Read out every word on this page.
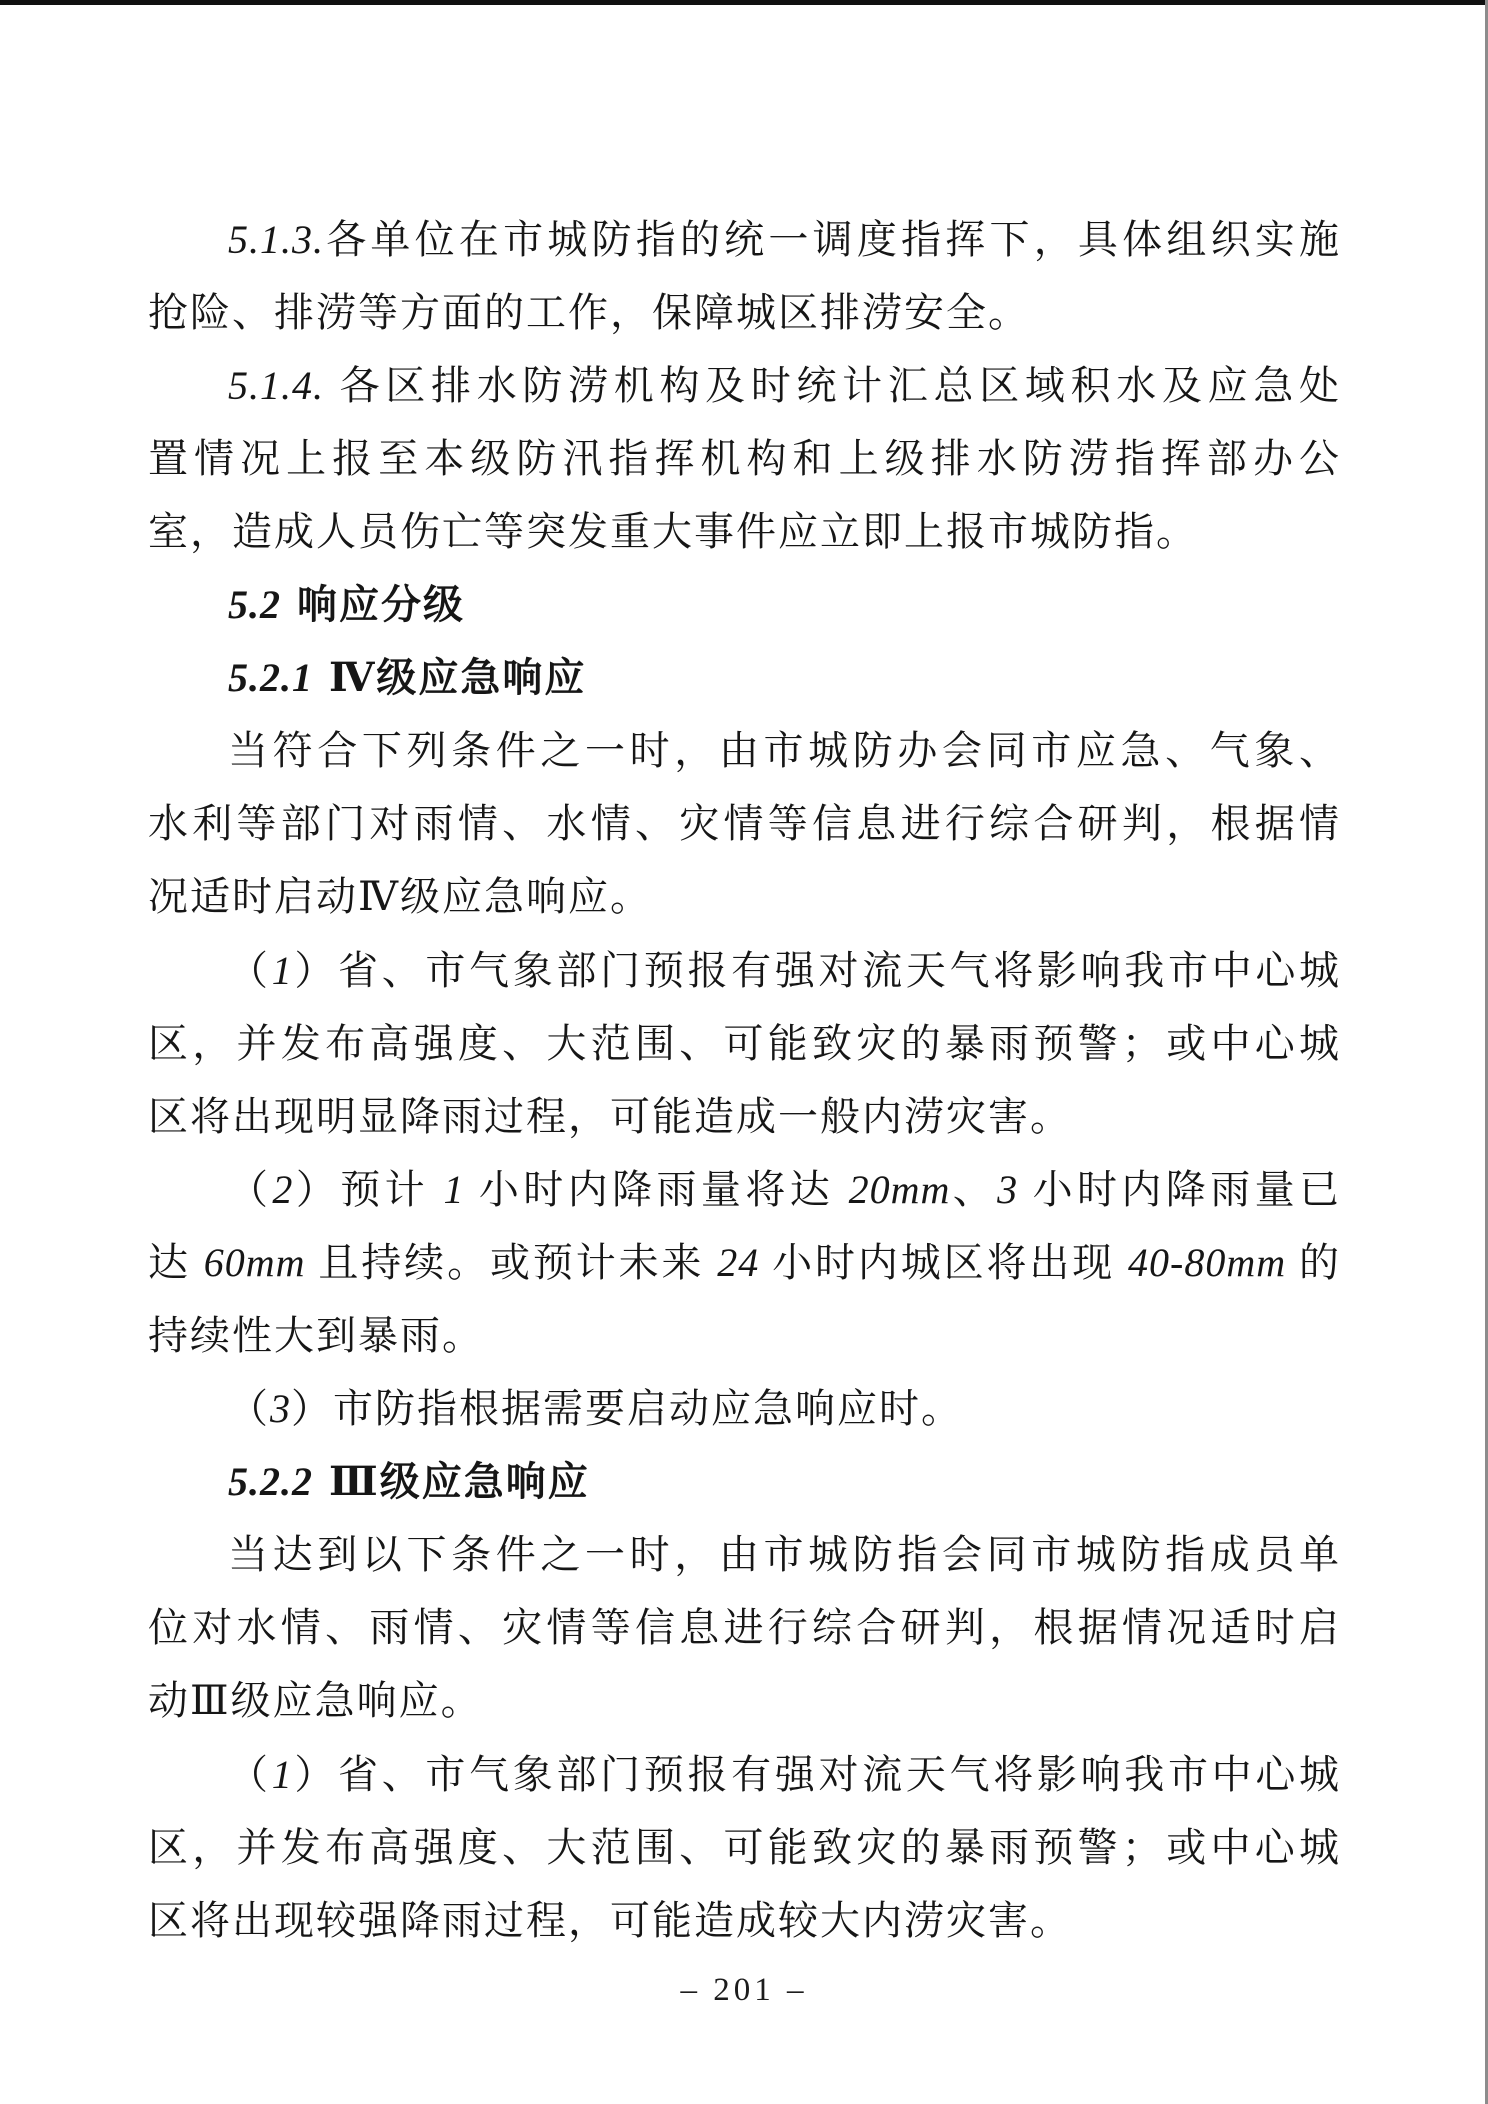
5.1.3.各单位在市城防指的统一调度指挥下，具体组织实施
抢险、排涝等方面的工作，保障城区排涝安全。
5.1.4. 各区排水防涝机构及时统计汇总区域积水及应急处
置情况上报至本级防汛指挥机构和上级排水防涝指挥部办公
室，造成人员伤亡等突发重大事件应立即上报市城防指。
5.2 响应分级
5.2.1 Ⅳ级应急响应
当符合下列条件之一时，由市城防办会同市应急、气象、
水利等部门对雨情、水情、灾情等信息进行综合研判，根据情
况适时启动Ⅳ级应急响应。
（1）省、市气象部门预报有强对流天气将影响我市中心城
区，并发布高强度、大范围、可能致灾的暴雨预警；或中心城
区将出现明显降雨过程，可能造成一般内涝灾害。
（2）预计 1 小时内降雨量将达 20mm、3 小时内降雨量已
达 60mm 且持续。或预计未来 24 小时内城区将出现 40-80mm 的
持续性大到暴雨。
（3）市防指根据需要启动应急响应时。
5.2.2 Ⅲ级应急响应
当达到以下条件之一时，由市城防指会同市城防指成员单
位对水情、雨情、灾情等信息进行综合研判，根据情况适时启
动Ⅲ级应急响应。
（1）省、市气象部门预报有强对流天气将影响我市中心城
区，并发布高强度、大范围、可能致灾的暴雨预警；或中心城
区将出现较强降雨过程，可能造成较大内涝灾害。
– 201 –
